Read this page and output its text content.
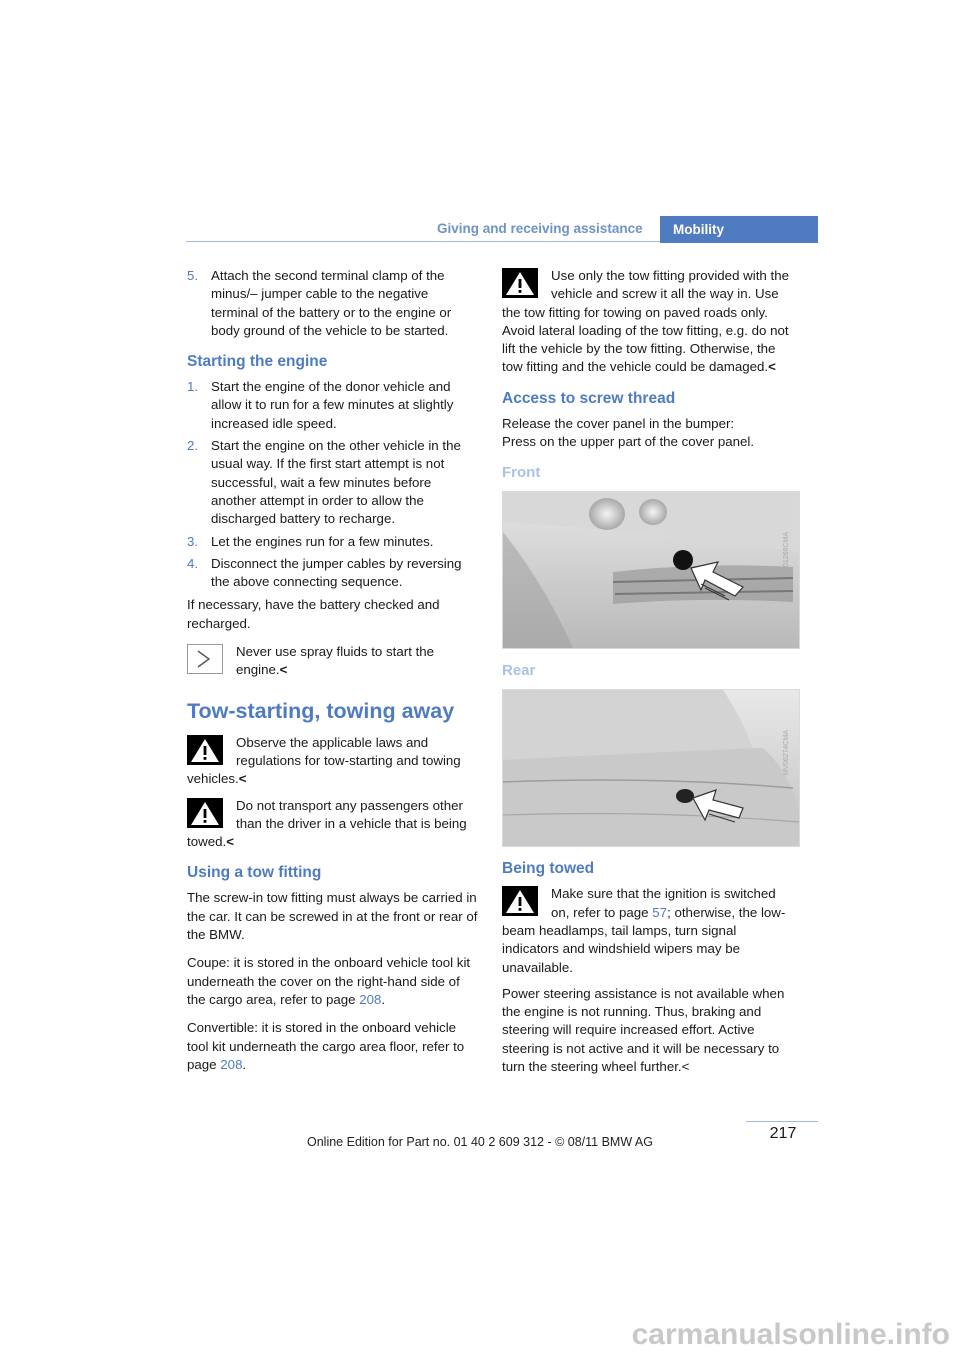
Giving and receiving assistance	Mobility
5. Attach the second terminal clamp of the minus/– jumper cable to the negative terminal of the battery or to the engine or body ground of the vehicle to be started.
Starting the engine
1. Start the engine of the donor vehicle and allow it to run for a few minutes at slightly increased idle speed.
2. Start the engine on the other vehicle in the usual way. If the first start attempt is not successful, wait a few minutes before another attempt in order to allow the discharged battery to recharge.
3. Let the engines run for a few minutes.
4. Disconnect the jumper cables by reversing the above connecting sequence.

If necessary, have the battery checked and recharged.

Never use spray fluids to start the engine.<
Tow-starting, towing away
Observe the applicable laws and regulations for tow-starting and towing vehicles.<
Do not transport any passengers other than the driver in a vehicle that is being towed.<
Using a tow fitting

The screw-in tow fitting must always be carried in the car. It can be screwed in at the front or rear of the BMW.

Coupe: it is stored in the onboard vehicle tool kit underneath the cover on the right-hand side of the cargo area, refer to page 208.

Convertible: it is stored in the onboard vehicle tool kit underneath the cargo area floor, refer to page 208.

Use only the tow fitting provided with the vehicle and screw it all the way in. Use the tow fitting for towing on paved roads only. Avoid lateral loading of the tow fitting, e.g. do not lift the vehicle by the tow fitting. Otherwise, the tow fitting and the vehicle could be damaged.<
Access to screw thread
Release the cover panel in the bumper:
Press on the upper part of the cover panel.
Front
MV01266CMA
Rear
MV06274CMA
Being towed
Make sure that the ignition is switched on, refer to page 57; otherwise, the low-beam headlamps, tail lamps, turn signal indicators and windshield wipers may be unavailable.

Power steering assistance is not available when the engine is not running. Thus, braking and steering will require increased effort. Active steering is not active and it will be necessary to turn the steering wheel further.<

217
Online Edition for Part no. 01 40 2 609 312 - © 08/11 BMW AG
carmanualsonline.info
